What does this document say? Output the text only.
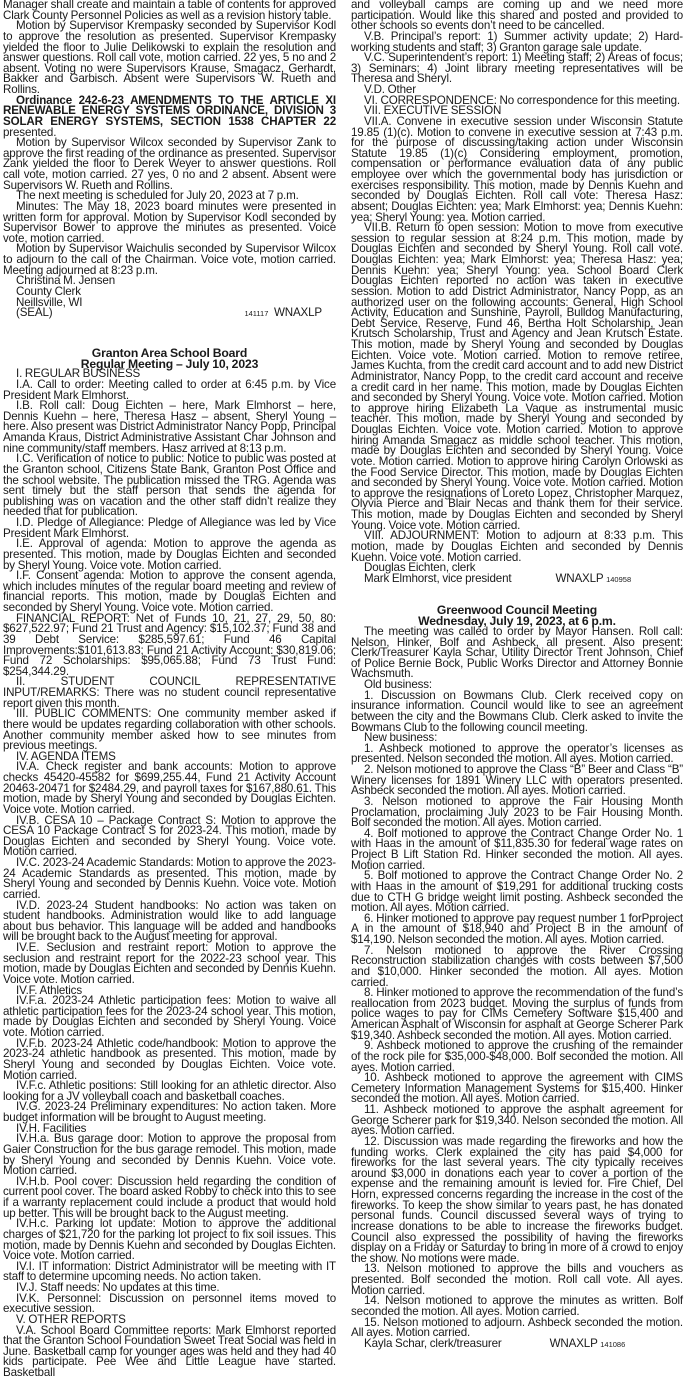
Manager shall create and maintain a table of contents for approved Clark County Personnel Policies as well as a revision history table.

Motion by Supervisor Krempasky seconded by Supervisor Kodl to approve the resolution as presented. Supervisor Krempasky yielded the floor to Julie Delikowski to explain the resolution and answer questions. Roll call vote, motion carried. 22 yes, 5 no and 2 absent. Voting no were Supervisors Krause, Smagacz, Gerhardt, Bakker and Garbisch. Absent were Supervisors W. Rueth and Rollins.

Ordinance 242-6-23 AMENDMENTS TO THE ARTICLE XI RENEWABLE ENERGY SYSTEMS ORDINANCE, DIVISION 3 SOLAR ENERGY SYSTEMS, SECTION 1538 CHAPTER 22 presented.

Motion by Supervisor Wilcox seconded by Supervisor Zank to approve the first reading of the ordinance as presented. Supervisor Zank yielded the floor to Derek Weyer to answer questions. Roll call vote, motion carried. 27 yes, 0 no and 2 absent. Absent were Supervisors W. Rueth and Rollins.

The next meeting is scheduled for July 20, 2023 at 7 p.m.

Minutes: The May 18, 2023 board minutes were presented in written form for approval. Motion by Supervisor Kodl seconded by Supervisor Bower to approve the minutes as presented. Voice vote, motion carried.

Motion by Supervisor Waichulis seconded by Supervisor Wilcox to adjourn to the call of the Chairman. Voice vote, motion carried. Meeting adjourned at 8:23 p.m.

Christina M. Jensen

County Clerk

Neillsville, WI

(SEAL)	141117 WNAXLP

Granton Area School Board

Regular Meeting – July 10, 2023

I. REGULAR BUSINESS

I.A. Call to order: Meeting called to order at 6:45 p.m. by Vice President Mark Elmhorst.

I.B. Roll call: Doug Eichten – here, Mark Elmhorst – here, Dennis Kuehn – here, Theresa Hasz – absent, Sheryl Young – here. Also present was District Administrator Nancy Popp, Principal Amanda Kraus, District Administrative Assistant Char Johnson and nine community/staff members. Hasz arrived at 8:13 p.m.

I.C. Verification of notice to public: Notice to public was posted at the Granton school, Citizens State Bank, Granton Post Office and the school website. The publication missed the TRG. Agenda was sent timely but the staff person that sends the agenda for publishing was on vacation and the other staff didn’t realize they needed that for publication.

I.D. Pledge of Allegiance: Pledge of Allegiance was led by Vice President Mark Elmhorst.

I.E. Approval of agenda: Motion to approve the agenda as presented. This motion, made by Douglas Eichten and seconded by Sheryl Young. Voice vote. Motion carried.

I.F. Consent agenda: Motion to approve the consent agenda, which includes minutes of the regular board meeting and review of financial reports. This motion, made by Douglas Eichten and seconded by Sheryl Young. Voice vote. Motion carried.

FINANCIAL REPORT: Net of Funds 10, 21, 27, 29, 50, 80: $627,522.97; Fund 21 Trust and Agency: $15,102.37; Fund 38 and 39 Debt Service: $285,597.61; Fund 46 Capital Improvements:$101,613.83; Fund 21 Activity Account: $30,819.06; Fund 72 Scholarships: $95,065.88; Fund 73 Trust Fund: $254,344.29.

II. STUDENT COUNCIL REPRESENTATIVE INPUT/REMARKS: There was no student council representative report given this month.

III. PUBLIC COMMENTS: One community member asked if there would be updates regarding collaboration with other schools. Another community member asked how to see minutes from previous meetings.

IV. AGENDA ITEMS

IV.A. Check register and bank accounts: Motion to approve checks 45420-45582 for $699,255.44, Fund 21 Activity Account 20463-20471 for $2484.29, and payroll taxes for $167,880.61. This motion, made by Sheryl Young and seconded by Douglas Eichten. Voice vote. Motion carried.

IV.B. CESA 10 – Package Contract S: Motion to approve the CESA 10 Package Contract S for 2023-24. This motion, made by Douglas Eichten and seconded by Sheryl Young. Voice vote. Motion carried.

IV.C. 2023-24 Academic Standards: Motion to approve the 2023-24 Academic Standards as presented. This motion, made by Sheryl Young and seconded by Dennis Kuehn. Voice vote. Motion carried.

IV.D. 2023-24 Student handbooks: No action was taken on student handbooks. Administration would like to add language about bus behavior. This language will be added and handbooks will be brought back to the August meeting for approval.

IV.E. Seclusion and restraint report: Motion to approve the seclusion and restraint report for the 2022-23 school year. This motion, made by Douglas Eichten and seconded by Dennis Kuehn. Voice vote. Motion carried.

IV.F. Athletics

IV.F.a. 2023-24 Athletic participation fees: Motion to waive all athletic participation fees for the 2023-24 school year. This motion, made by Douglas Eichten and seconded by Sheryl Young. Voice vote. Motion carried.

IV.F.b. 2023-24 Athletic code/handbook: Motion to approve the 2023-24 athletic handbook as presented. This motion, made by Sheryl Young and seconded by Douglas Eichten. Voice vote. Motion carried.

IV.F.c. Athletic positions: Still looking for an athletic director. Also looking for a JV volleyball coach and basketball coaches.

IV.G. 2023-24 Preliminary expenditures: No action taken. More budget information will be brought to August meeting.

IV.H. Facilities

IV.H.a. Bus garage door: Motion to approve the proposal from Gaier Construction for the bus garage remodel. This motion, made by Sheryl Young and seconded by Dennis Kuehn. Voice vote. Motion carried.

IV.H.b. Pool cover: Discussion held regarding the condition of current pool cover. The board asked Robby to check into this to see if a warranty replacement could include a product that would hold up better. This will be brought back to the August meeting.

IV.H.c. Parking lot update: Motion to approve the additional charges of $21,720 for the parking lot project to fix soil issues. This motion, made by Dennis Kuehn and seconded by Douglas Eichten. Voice vote. Motion carried.

IV.I. IT information: District Administrator will be meeting with IT staff to determine upcoming needs. No action taken.

IV.J. Staff needs: No updates at this time.

IV.K. Personnel: Discussion on personnel items moved to executive session.

V. OTHER REPORTS

V.A. School Board Committee reports: Mark Elmhorst reported that the Granton School Foundation Sweet Treat Social was held in June. Basketball camp for younger ages was held and they had 40 kids participate. Pee Wee and Little League have started. Basketball

and volleyball camps are coming up and we need more participation. Would like this shared and posted and provided to other schools so events don’t need to be cancelled.

V.B. Principal’s report: 1) Summer activity update; 2) Hard-working students and staff; 3) Granton garage sale update.

V.C. Superintendent’s report: 1) Meeting staff; 2) Areas of focus; 3) Seminars; 4) Joint library meeting representatives will be Theresa and Sheryl.

V.D. Other

VI. CORRESPONDENCE: No correspondence for this meeting.

VII. EXECUTIVE SESSION

VII.A. Convene in executive session under Wisconsin Statute 19.85 (1)(c). Motion to convene in executive session at 7:43 p.m. for the purpose of discussing/taking action under Wisconsin Statute 19.85 (1)(c) Considering employment, promotion, compensation or performance evaluation data of any public employee over which the governmental body has jurisdiction or exercises responsibility. This motion, made by Dennis Kuehn and seconded by Douglas Eichten. Roll call vote: Theresa Hasz: absent; Douglas Eichten: yea; Mark Elmhorst: yea; Dennis Kuehn: yea; Sheryl Young: yea. Motion carried.

VII.B. Return to open session: Motion to move from executive session to regular session at 8:24 p.m. This motion, made by Douglas Eichten and seconded by Sheryl Young. Roll call vote. Douglas Eichten: yea; Mark Elmhorst: yea; Theresa Hasz: yea; Dennis Kuehn: yea; Sheryl Young: yea. School Board Clerk Douglas Eichten reported no action was taken in executive session. Motion to add District Administrator, Nancy Popp, as an authorized user on the following accounts: General, High School Activity, Education and Sunshine, Payroll, Bulldog Manufacturing, Debt Service, Reserve, Fund 46, Bertha Holt Scholarship, Jean Krutsch Scholarship, Trust and Agency and Jean Krutsch Estate. This motion, made by Sheryl Young and seconded by Douglas Eichten. Voice vote. Motion carried. Motion to remove retiree, James Kuchta, from the credit card account and to add new District Administrator, Nancy Popp, to the credit card account and receive a credit card in her name. This motion, made by Douglas Eichten and seconded by Sheryl Young. Voice vote. Motion carried. Motion to approve hiring Elizabeth La Vaque as instrumental music teacher. This motion, made by Sheryl Young and seconded by Douglas Eichten. Voice vote. Motion carried. Motion to approve hiring Amanda Smagacz as middle school teacher. This motion, made by Douglas Eichten and seconded by Sheryl Young. Voice vote. Motion carried. Motion to approve hiring Carolyn Orlowski as the Food Service Director. This motion, made by Douglas Eichten and seconded by Sheryl Young. Voice vote. Motion carried. Motion to approve the resignations of Loreto Lopez, Christopher Marquez, Olyvia Pierce and Blair Necas and thank them for their service. This motion, made by Douglas Eichten and seconded by Sheryl Young. Voice vote. Motion carried.

VIII. ADJOURNMENT: Motion to adjourn at 8:33 p.m. This motion, made by Douglas Eichten and seconded by Dennis Kuehn. Voice vote. Motion carried.

Douglas Eichten, clerk

Mark Elmhorst, vice president	WNAXLP 140958

Greenwood Council Meeting

Wednesday, July 19, 2023, at 6 p.m.

The meeting was called to order by Mayor Hansen. Roll call: Nelson, Hinker, Bolf and Ashbeck, all present. Also present: Clerk/Treasurer Kayla Schar, Utility Director Trent Johnson, Chief of Police Bernie Bock, Public Works Director and Attorney Bonnie Wachsmuth.

Old business:

1. Discussion on Bowmans Club. Clerk received copy on insurance information. Council would like to see an agreement between the city and the Bowmans Club. Clerk asked to invite the Bowmans Club to the following council meeting.

New business:

1. Ashbeck motioned to approve the operator’s licenses as presented. Nelson seconded the motion. All ayes. Motion carried.

2. Nelson motioned to approve the Class “B” Beer and Class “B” Winery licenses for 1891 Winery LLC with operators presented. Ashbeck seconded the motion. All ayes. Motion carried.

3. Nelson motioned to approve the Fair Housing Month Proclamation, proclaiming July 2023 to be Fair Housing Month. Bolf seconded the motion. All ayes. Motion carried.

4. Bolf motioned to approve the Contract Change Order No. 1 with Haas in the amount of $11,835.30 for federal wage rates on Project B Lift Station Rd. Hinker seconded the motion. All ayes. Motion carried.

5. Bolf motioned to approve the Contract Change Order No. 2 with Haas in the amount of $19,291 for additional trucking costs due to CTH G bridge weight limit posting. Ashbeck seconded the motion. All ayes. Motion carried.

6. Hinker motioned to approve pay request number 1 forPproject A in the amount of $18,940 and Project B in the amount of $14,190. Nelson seconded the motion. All ayes. Motion carried.

7. Nelson motioned to approve the River Crossing Reconstruction stabilization changes with costs between $7,500 and $10,000. Hinker seconded the motion. All ayes. Motion carried.

8. Hinker motioned to approve the recommendation of the fund’s reallocation from 2023 budget. Moving the surplus of funds from police wages to pay for CIMs Cemetery Software $15,400 and American Asphalt of Wisconsin for asphalt at George Scherer Park $19,340. Ashbeck seconded the motion. All ayes. Motion carried.

9. Ashbeck motioned to approve the crushing of the remainder of the rock pile for $35,000-$48,000. Bolf seconded the motion. All ayes. Motion carried.

10. Ashbeck motioned to approve the agreement with CIMS Cemetery Information Management Systems for $15,400. Hinker seconded the motion. All ayes. Motion carried.

11. Ashbeck motioned to approve the asphalt agreement for George Scherer park for $19,340. Nelson seconded the motion. All ayes. Motion carried.

12. Discussion was made regarding the fireworks and how the funding works. Clerk explained the city has paid $4,000 for fireworks for the last several years. The city typically receives around $3,000 in donations each year to cover a portion of the expense and the remaining amount is levied for. Fire Chief, Del Horn, expressed concerns regarding the increase in the cost of the fireworks. To keep the show similar to years past, he has donated personal funds. Council discussed several ways of trying to increase donations to be able to increase the fireworks budget. Council also expressed the possibility of having the fireworks display on a Friday or Saturday to bring in more of a crowd to enjoy the show. No motions were made.

13. Nelson motioned to approve the bills and vouchers as presented. Bolf seconded the motion. Roll call vote. All ayes. Motion carried.

14. Nelson motioned to approve the minutes as written. Bolf seconded the motion. All ayes. Motion carried.

15. Nelson motioned to adjourn. Ashbeck seconded the motion. All ayes. Motion carried.

Kayla Schar, clerk/treasurer	WNAXLP 141086
